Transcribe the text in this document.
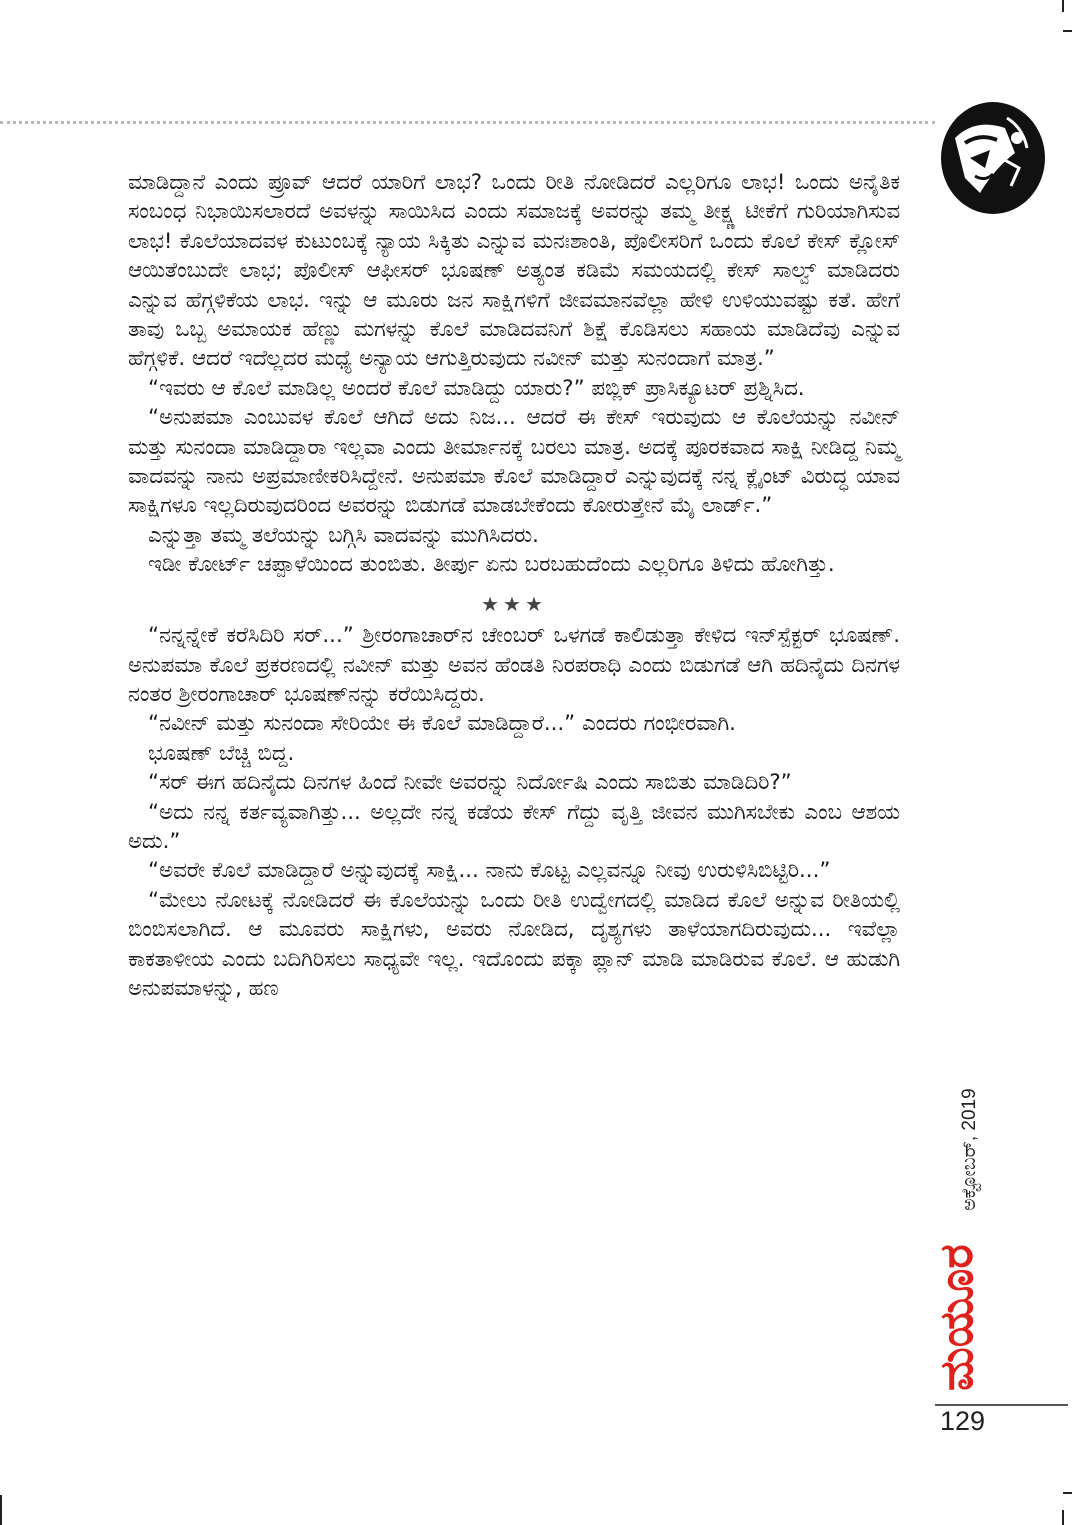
ಮಾಡಿದ್ದಾನೆ ಎಂದು ಪ್ರೂವ್ ಆದರೆ ಯಾರಿಗೆ ಲಾಭ? ಒಂದು ರೀತಿ ನೋಡಿದರೆ ಎಲ್ಲರಿಗೂ ಲಾಭ! ಒಂದು ಅನೈತಿಕ ಸಂಬಂಧ ನಿಭಾಯಿಸಲಾರದೆ ಅವಳನ್ನು ಸಾಯಿಸಿದ ಎಂದು ಸಮಾಜಕ್ಕೆ ಅವರನ್ನು ತಮ್ಮ ತೀಕ್ಷ್ಣ ಟೀಕೆಗೆ ಗುರಿಯಾಗಿಸುವ ಲಾಭ! ಕೊಲೆಯಾದವಳ ಕುಟುಂಬಕ್ಕೆ ನ್ಯಾಯ ಸಿಕ್ಕಿತು ಎನ್ನುವ ಮನಃಶಾಂತಿ, ಪೊಲೀಸರಿಗೆ ಒಂದು ಕೊಲೆ ಕೇಸ್ ಕ್ಲೋಸ್ ಆಯಿತೆಂಬುದೇ ಲಾಭ; ಪೊಲೀಸ್ ಆಫೀಸರ್ ಭೂಷಣ್ ಅತ್ಯಂತ ಕಡಿಮೆ ಸಮಯದಲ್ಲಿ ಕೇಸ್ ಸಾಲ್ವ್ ಮಾಡಿದರು ಎನ್ನುವ ಹೆಗ್ಗಳಿಕೆಯ ಲಾಭ. ಇನ್ನು ಆ ಮೂರು ಜನ ಸಾಕ್ಷಿಗಳಿಗೆ ಜೀವಮಾನವೆಲ್ಲಾ ಹೇಳಿ ಉಳಿಯುವಷ್ಟು ಕತೆ. ಹೇಗೆ ತಾವು ಒಬ್ಬ ಅಮಾಯಕ ಹೆಣ್ಣು ಮಗಳನ್ನು ಕೊಲೆ ಮಾಡಿದವನಿಗೆ ಶಿಕ್ಷೆ ಕೊಡಿಸಲು ಸಹಾಯ ಮಾಡಿದೆವು ಎನ್ನುವ ಹೆಗ್ಗಳಿಕೆ. ಆದರೆ ಇದೆಲ್ಲದರ ಮಧ್ಯೆ ಅನ್ಯಾಯ ಆಗುತ್ತಿರುವುದು ನವೀನ್ ಮತ್ತು ಸುನಂದಾಗೆ ಮಾತ್ರ.”

“ಇವರು ಆ ಕೊಲೆ ಮಾಡಿಲ್ಲ ಅಂದರೆ ಕೊಲೆ ಮಾಡಿದ್ದು ಯಾರು?” ಪಬ್ಲಿಕ್ ಪ್ರಾಸಿಕ್ಯೂಟರ್ ಪ್ರಶ್ನಿಸಿದ.

“ಅನುಪಮಾ ಎಂಬುವಳ ಕೊಲೆ ಆಗಿದೆ ಅದು ನಿಜ... ಆದರೆ ಈ ಕೇಸ್ ಇರುವುದು ಆ ಕೊಲೆಯನ್ನು ನವೀನ್ ಮತ್ತು ಸುನಂದಾ ಮಾಡಿದ್ದಾರಾ ಇಲ್ಲವಾ ಎಂದು ತೀರ್ಮಾನಕ್ಕೆ ಬರಲು ಮಾತ್ರ. ಅದಕ್ಕೆ ಪೂರಕವಾದ ಸಾಕ್ಷಿ ನೀಡಿದ್ದ ನಿಮ್ಮ ವಾದವನ್ನು ನಾನು ಅಪ್ರಮಾಣೀಕರಿಸಿದ್ದೇನೆ. ಅನುಪಮಾ ಕೊಲೆ ಮಾಡಿದ್ದಾರೆ ಎನ್ನುವುದಕ್ಕೆ ನನ್ನ ಕ್ಲೈಂಟ್ ವಿರುದ್ಧ ಯಾವ ಸಾಕ್ಷಿಗಳೂ ಇಲ್ಲದಿರುವುದರಿಂದ ಅವರನ್ನು ಬಿಡುಗಡೆ ಮಾಡಬೇಕೆಂದು ಕೋರುತ್ತೇನೆ ಮೈ ಲಾರ್ಡ್.”

ಎನ್ನುತ್ತಾ ತಮ್ಮ ತಲೆಯನ್ನು ಬಗ್ಗಿಸಿ ವಾದವನ್ನು ಮುಗಿಸಿದರು.

ಇಡೀ ಕೋರ್ಟ್ ಚಪ್ಪಾಳೆಯಿಂದ ತುಂಬಿತು. ತೀರ್ಪು ಏನು ಬರಬಹುದೆಂದು ಎಲ್ಲರಿಗೂ ತಿಳಿದು ಹೋಗಿತ್ತು.

★★★

“ನನ್ನನ್ನೇಕೆ ಕರೆಸಿದಿರಿ ಸರ್...” ಶ್ರೀರಂಗಾಚಾರ್‌ನ ಚೇಂಬರ್ ಒಳಗಡೆ ಕಾಲಿಡುತ್ತಾ ಕೇಳಿದ ಇನ್‌ಸ್ಪೆಕ್ಟರ್ ಭೂಷಣ್. ಅನುಪಮಾ ಕೊಲೆ ಪ್ರಕರಣದಲ್ಲಿ ನವೀನ್ ಮತ್ತು ಅವನ ಹೆಂಡತಿ ನಿರಪರಾಧಿ ಎಂದು ಬಿಡುಗಡೆ ಆಗಿ ಹದಿನೈದು ದಿನಗಳ ನಂತರ ಶ್ರೀರಂಗಾಚಾರ್ ಭೂಷಣ್‌ನನ್ನು ಕರೆಯಿಸಿದ್ದರು.

“ನವೀನ್ ಮತ್ತು ಸುನಂದಾ ಸೇರಿಯೇ ಈ ಕೊಲೆ ಮಾಡಿದ್ದಾರೆ...” ಎಂದರು ಗಂಭೀರವಾಗಿ.

ಭೂಷಣ್ ಬೆಚ್ಚಿ ಬಿದ್ದ.

“ಸರ್ ಈಗ ಹದಿನೈದು ದಿನಗಳ ಹಿಂದೆ ನೀವೇ ಅವರನ್ನು ನಿರ್ದೋಷಿ ಎಂದು ಸಾಬಿತು ಮಾಡಿದಿರಿ?”

“ಅದು ನನ್ನ ಕರ್ತವ್ಯವಾಗಿತ್ತು... ಅಲ್ಲದೇ ನನ್ನ ಕಡೆಯ ಕೇಸ್ ಗೆದ್ದು ವೃತ್ತಿ ಜೀವನ ಮುಗಿಸಬೇಕು ಎಂಬ ಆಶಯ ಅದು.”

“ಅವರೇ ಕೊಲೆ ಮಾಡಿದ್ದಾರೆ ಅನ್ನುವುದಕ್ಕೆ ಸಾಕ್ಷಿ... ನಾನು ಕೊಟ್ಟ ಎಲ್ಲವನ್ನೂ ನೀವು ಉರುಳಿಸಿಬಿಟ್ಟಿರಿ...”

“ಮೇಲು ನೋಟಕ್ಕೆ ನೋಡಿದರೆ ಈ ಕೊಲೆಯನ್ನು ಒಂದು ರೀತಿ ಉದ್ವೇಗದಲ್ಲಿ ಮಾಡಿದ ಕೊಲೆ ಅನ್ನುವ ರೀತಿಯಲ್ಲಿ ಬಿಂಬಿಸಲಾಗಿದೆ. ಆ ಮೂವರು ಸಾಕ್ಷಿಗಳು, ಅವರು ನೋಡಿದ, ದೃಶ್ಯಗಳು ತಾಳೆಯಾಗದಿರುವುದು... ಇವೆಲ್ಲಾ ಕಾಕತಾಳೀಯ ಎಂದು ಬದಿಗಿರಿಸಲು ಸಾಧ್ಯವೇ ಇಲ್ಲ. ಇದೊಂದು ಪಕ್ಕಾ ಪ್ಲಾನ್ ಮಾಡಿ ಮಾಡಿರುವ ಕೊಲೆ. ಆ ಹುಡುಗಿ ಅನುಪಮಾಳನ್ನು, ಹಣ

ಅಕ್ಟೋಬರ್, 2019
ಮಯೂರ
129
